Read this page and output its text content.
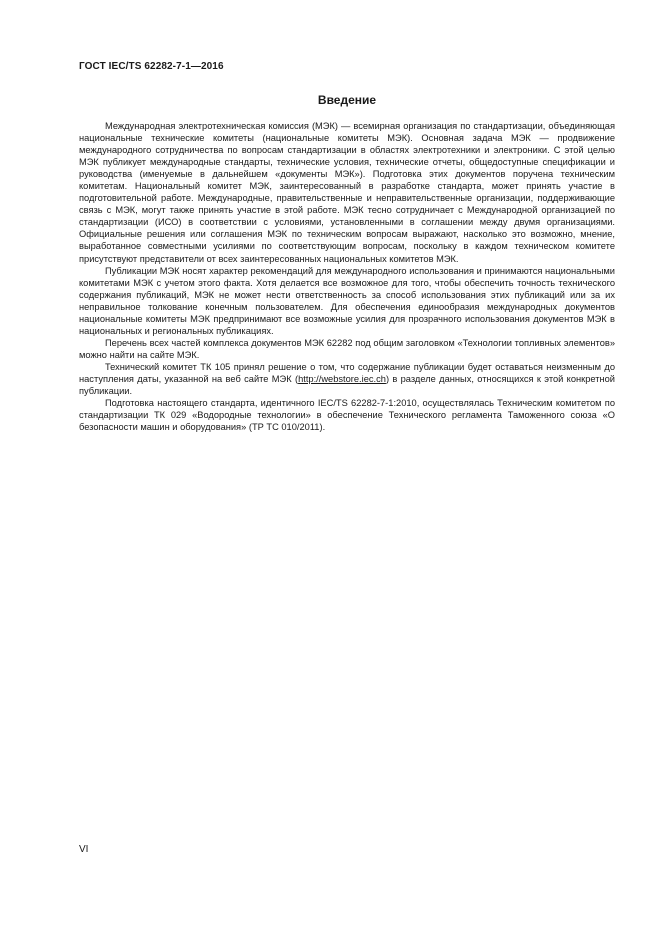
ГОСТ IEC/TS 62282-7-1—2016
Введение

Международная электротехническая комиссия (МЭК) — всемирная организация по стандартизации, объединяющая национальные технические комитеты (национальные комитеты МЭК). Основная задача МЭК — продвижение международного сотрудничества по вопросам стандартизации в областях электротехники и электроники. С этой целью МЭК публикует международные стандарты, технические условия, технические отчеты, общедоступные спецификации и руководства (именуемые в дальнейшем «документы МЭК»). Подготовка этих документов поручена техническим комитетам. Национальный комитет МЭК, заинтересованный в разработке стандарта, может принять участие в подготовительной работе. Международные, правительственные и неправительственные организации, поддерживающие связь с МЭК, могут также принять участие в этой работе. МЭК тесно сотрудничает с Международной организацией по стандартизации (ИСО) в соответствии с условиями, установленными в соглашении между двумя организациями. Официальные решения или соглашения МЭК по техническим вопросам выражают, насколько это возможно, мнение, выработанное совместными усилиями по соответствующим вопросам, поскольку в каждом техническом комитете присутствуют представители от всех заинтересованных национальных комитетов МЭК.

Публикации МЭК носят характер рекомендаций для международного использования и принимаются национальными комитетами МЭК с учетом этого факта. Хотя делается все возможное для того, чтобы обеспечить точность технического содержания публикаций, МЭК не может нести ответственность за способ использования этих публикаций или за их неправильное толкование конечным пользователем. Для обеспечения единообразия международных документов национальные комитеты МЭК предпринимают все возможные усилия для прозрачного использования документов МЭК в национальных и региональных публикациях.

Перечень всех частей комплекса документов МЭК 62282 под общим заголовком «Технологии топливных элементов» можно найти на сайте МЭК.

Технический комитет ТК 105 принял решение о том, что содержание публикации будет оставаться неизменным до наступления даты, указанной на веб сайте МЭК (http://webstore.iec.ch) в разделе данных, относящихся к этой конкретной публикации.

Подготовка настоящего стандарта, идентичного IEC/TS 62282-7-1:2010, осуществлялась Техническим комитетом по стандартизации ТК 029 «Водородные технологии» в обеспечение Технического регламента Таможенного союза «О безопасности машин и оборудования» (ТР ТС 010/2011).

VI
